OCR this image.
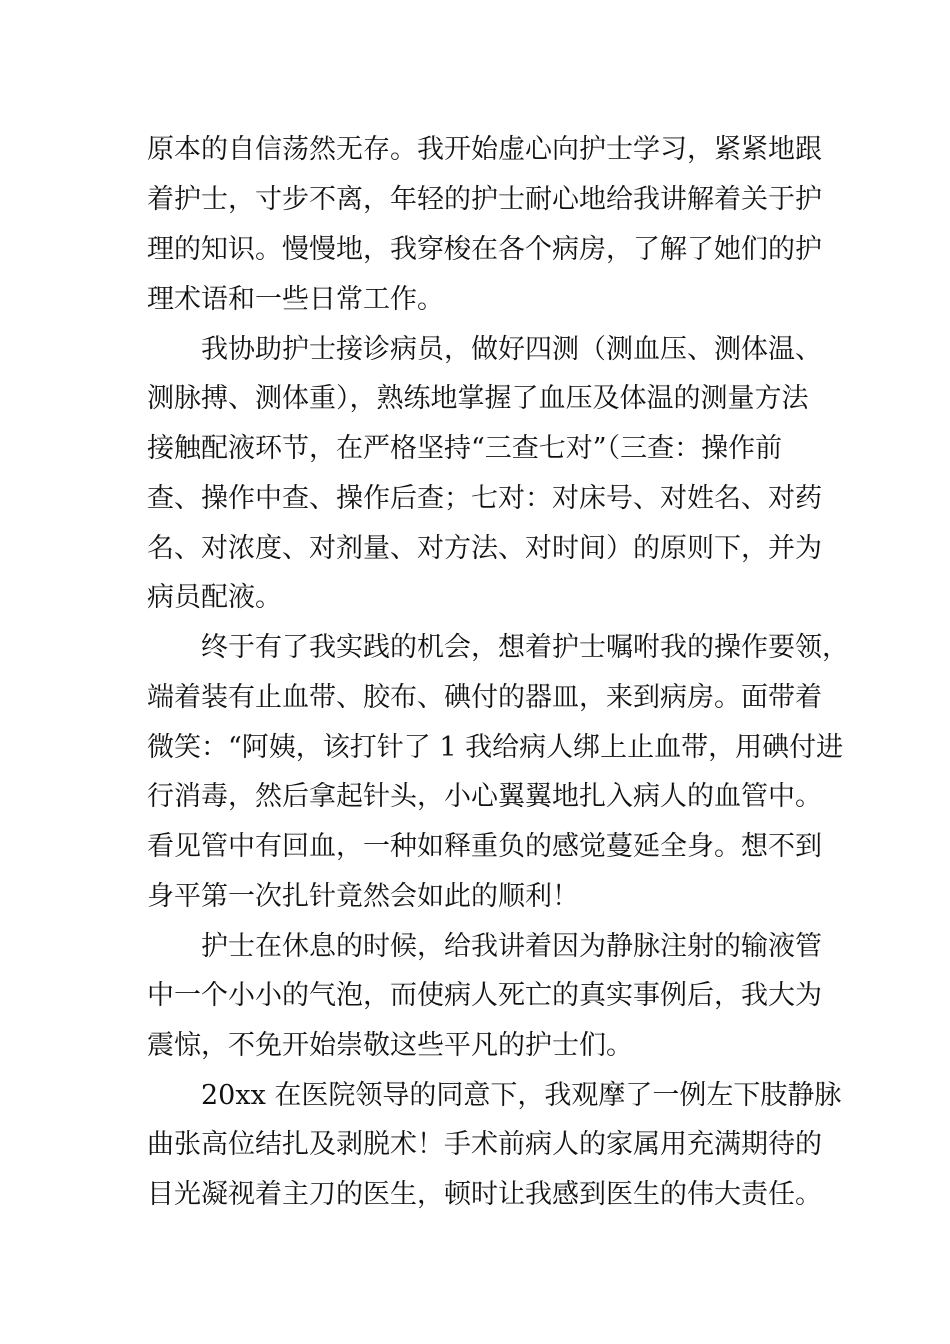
原本的自信荡然无存。我开始虚心向护士学习，紧紧地跟
着护士，寸步不离，年轻的护士耐心地给我讲解着关于护
理的知识。慢慢地，我穿梭在各个病房，了解了她们的护
理术语和一些日常工作。
我协助护士接诊病员，做好四测（测血压、测体温、
测脉搏、测体重），熟练地掌握了血压及体温的测量方法
接触配液环节，在严格坚持“三查七对”（三查：操作前
查、操作中查、操作后查；七对：对床号、对姓名、对药
名、对浓度、对剂量、对方法、对时间）的原则下，并为
病员配液。
终于有了我实践的机会，想着护士嘱咐我的操作要领，
端着装有止血带、胶布、碘付的器皿，来到病房。面带着
微笑：“阿姨，该打针了 1 我给病人绑上止血带，用碘付进
行消毒，然后拿起针头，小心翼翼地扎入病人的血管中。
看见管中有回血，一种如释重负的感觉蔓延全身。想不到
身平第一次扎针竟然会如此的顺利！
护士在休息的时候，给我讲着因为静脉注射的输液管
中一个小小的气泡，而使病人死亡的真实事例后，我大为
震惊，不免开始崇敬这些平凡的护士们。
20xx 在医院领导的同意下，我观摩了一例左下肢静脉
曲张高位结扎及剥脱术！手术前病人的家属用充满期待的
目光凝视着主刀的医生，顿时让我感到医生的伟大责任。
